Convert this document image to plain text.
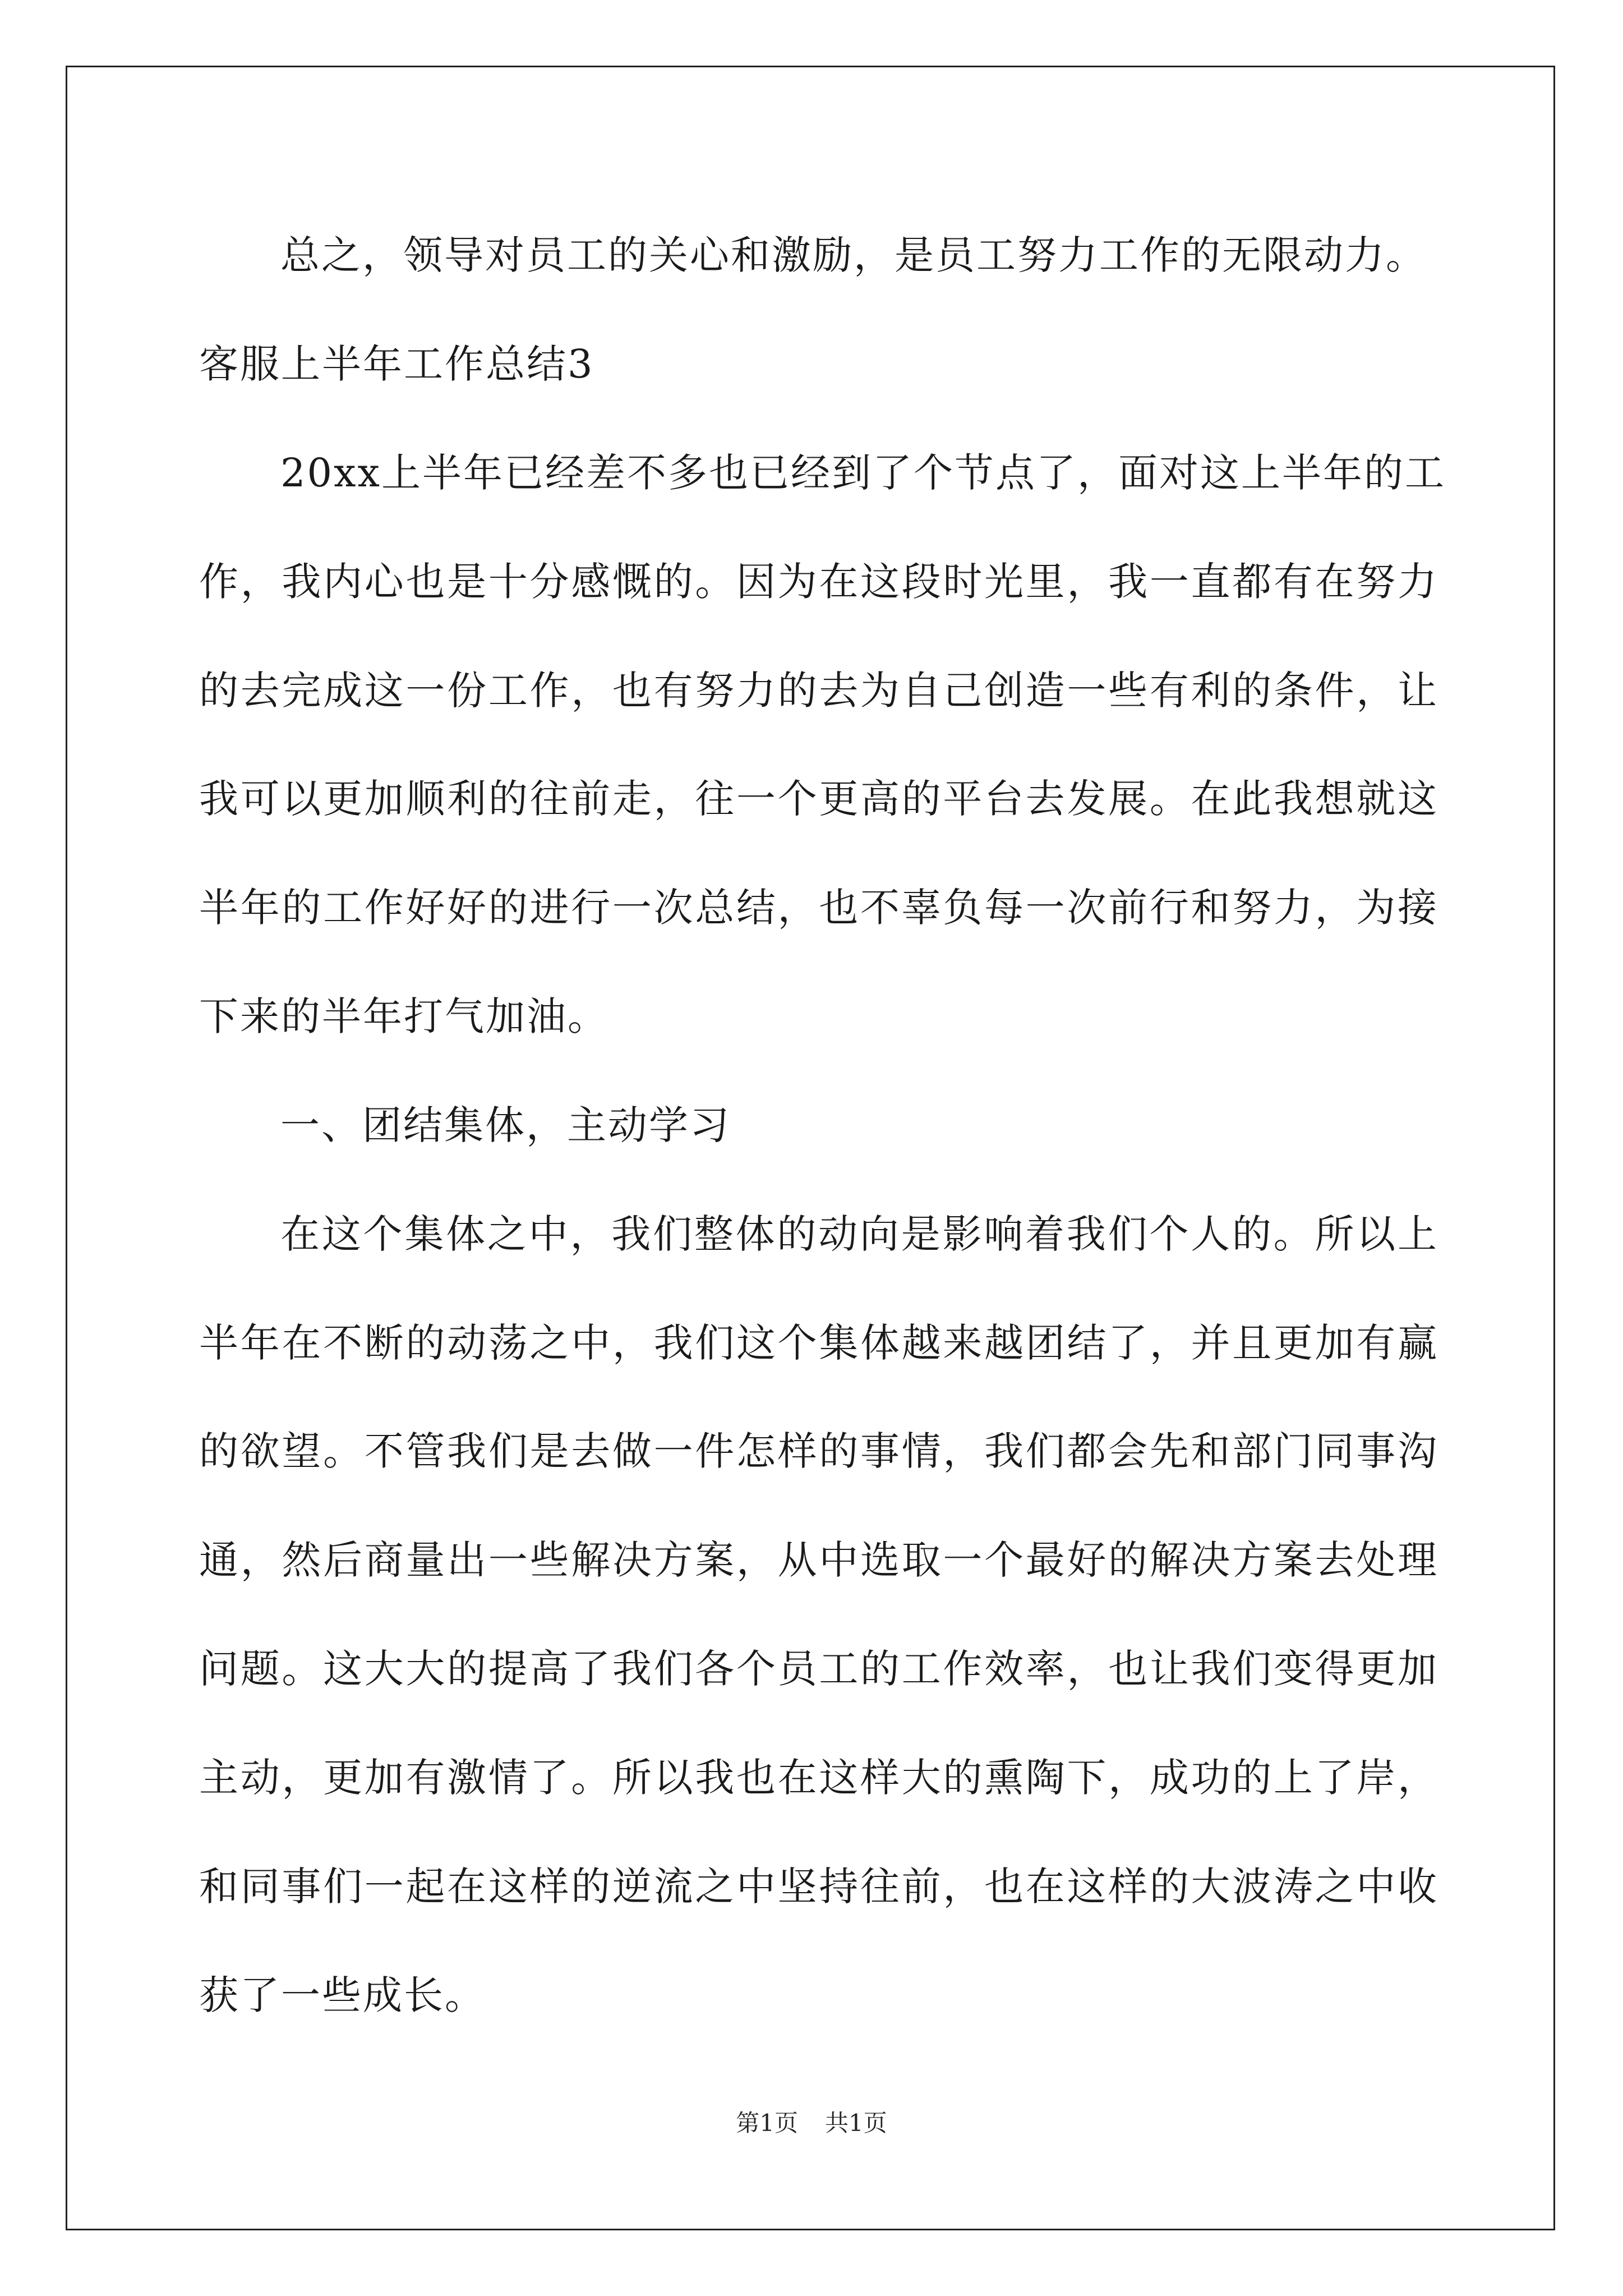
总之，领导对员工的关心和激励，是员工努力工作的无限动力。
客服上半年工作总结3
20xx上半年已经差不多也已经到了个节点了，面对这上半年的工
作，我内心也是十分感慨的。因为在这段时光里，我一直都有在努力
的去完成这一份工作，也有努力的去为自己创造一些有利的条件，让
我可以更加顺利的往前走，往一个更高的平台去发展。在此我想就这
半年的工作好好的进行一次总结，也不辜负每一次前行和努力，为接
下来的半年打气加油。
一、团结集体，主动学习
在这个集体之中，我们整体的动向是影响着我们个人的。所以上
半年在不断的动荡之中，我们这个集体越来越团结了，并且更加有赢
的欲望。不管我们是去做一件怎样的事情，我们都会先和部门同事沟
通，然后商量出一些解决方案，从中选取一个最好的解决方案去处理
问题。这大大的提高了我们各个员工的工作效率，也让我们变得更加
主动，更加有激情了。所以我也在这样大的熏陶下，成功的上了岸，
和同事们一起在这样的逆流之中坚持往前，也在这样的大波涛之中收
获了一些成长。
第1页 共1页
